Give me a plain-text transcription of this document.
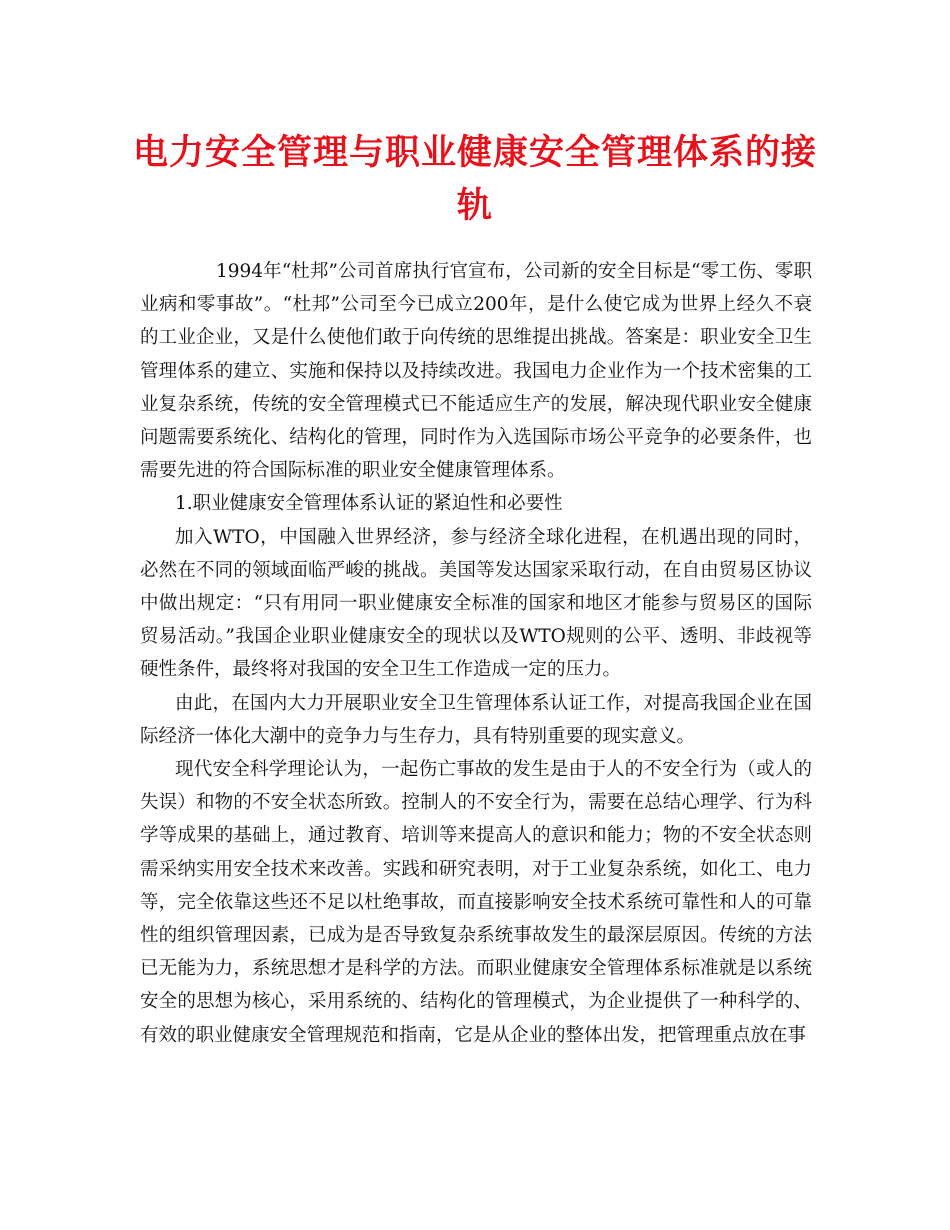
电力安全管理与职业健康安全管理体系的接轨

1994年“杜邦”公司首席执行官宣布，公司新的安全目标是“零工伤、零职业病和零事故”。“杜邦”公司至今已成立200年，是什么使它成为世界上经久不衰的工业企业，又是什么使他们敢于向传统的思维提出挑战。答案是：职业安全卫生管理体系的建立、实施和保持以及持续改进。我国电力企业作为一个技术密集的工业复杂系统，传统的安全管理模式已不能适应生产的发展，解决现代职业安全健康问题需要系统化、结构化的管理，同时作为入选国际市场公平竞争的必要条件，也需要先进的符合国际标准的职业安全健康管理体系。

1.职业健康安全管理体系认证的紧迫性和必要性

加入WTO，中国融入世界经济，参与经济全球化进程，在机遇出现的同时，必然在不同的领域面临严峻的挑战。美国等发达国家采取行动，在自由贸易区协议中做出规定：“只有用同一职业健康安全标准的国家和地区才能参与贸易区的国际贸易活动。”我国企业职业健康安全的现状以及WTO规则的公平、透明、非歧视等硬性条件，最终将对我国的安全卫生工作造成一定的压力。

由此，在国内大力开展职业安全卫生管理体系认证工作，对提高我国企业在国际经济一体化大潮中的竞争力与生存力，具有特别重要的现实意义。

现代安全科学理论认为，一起伤亡事故的发生是由于人的不安全行为（或人的失误）和物的不安全状态所致。控制人的不安全行为，需要在总结心理学、行为科学等成果的基础上，通过教育、培训等来提高人的意识和能力；物的不安全状态则需采纳实用安全技术来改善。实践和研究表明，对于工业复杂系统，如化工、电力等，完全依靠这些还不足以杜绝事故，而直接影响安全技术系统可靠性和人的可靠性的组织管理因素，已成为是否导致复杂系统事故发生的最深层原因。传统的方法已无能为力，系统思想才是科学的方法。而职业健康安全管理体系标准就是以系统安全的思想为核心，采用系统的、结构化的管理模式，为企业提供了一种科学的、有效的职业健康安全管理规范和指南，它是从企业的整体出发，把管理重点放在事
